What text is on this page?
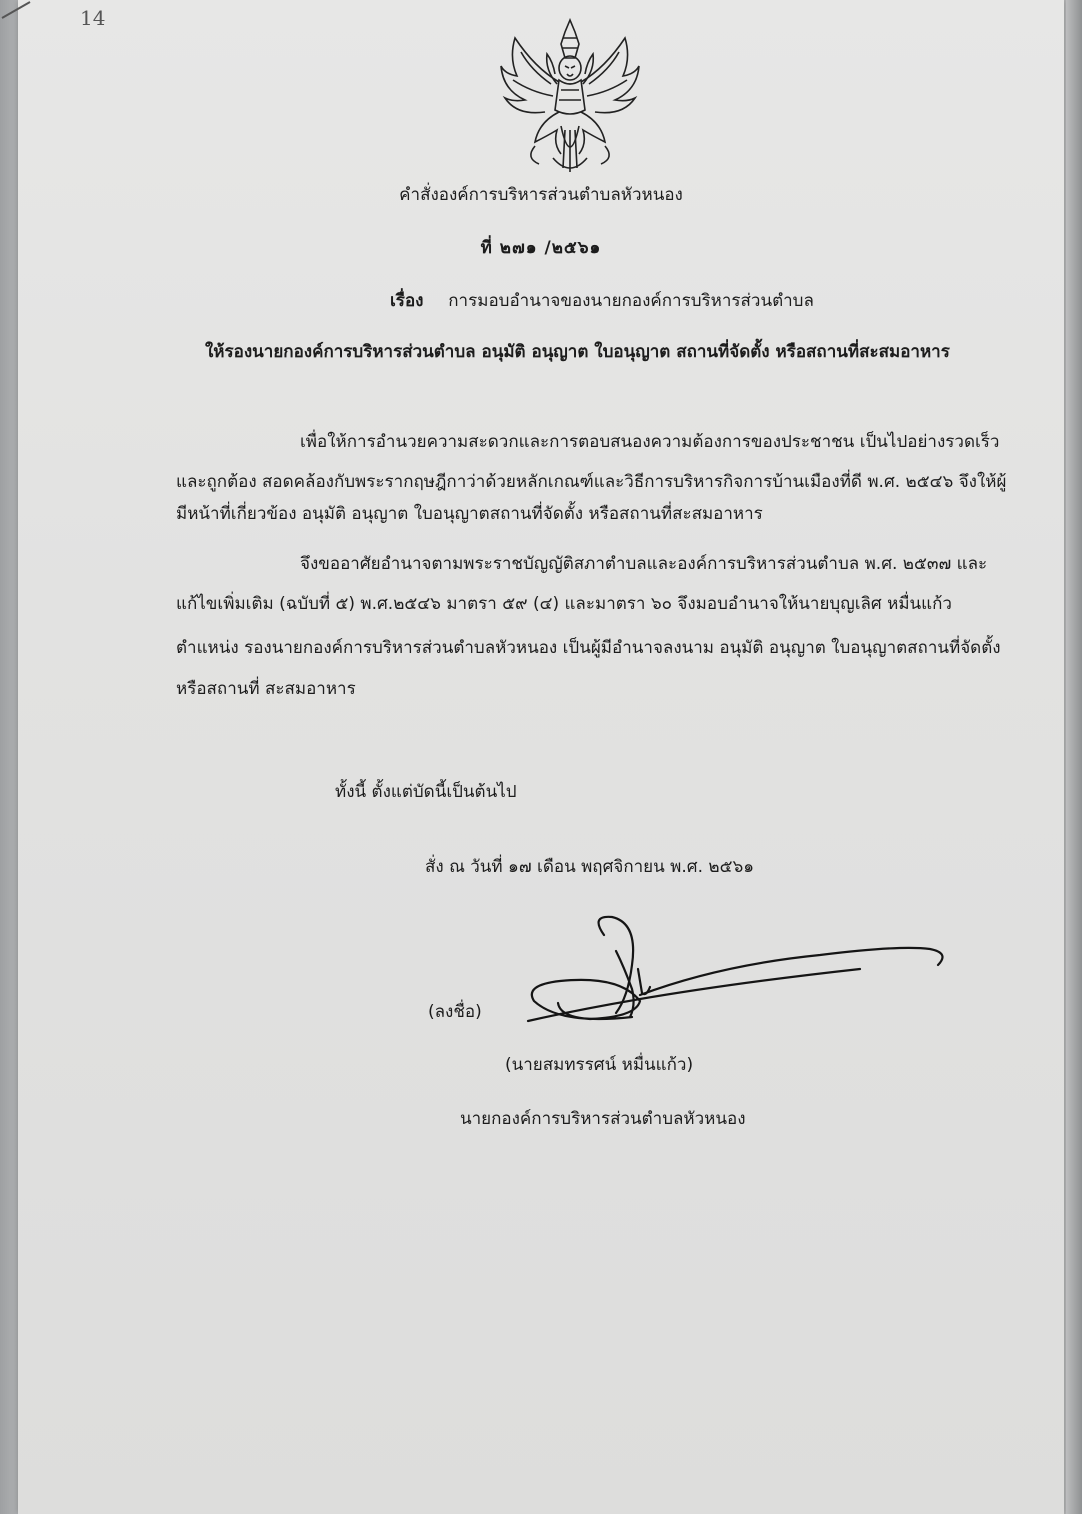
14
คำสั่งองค์การบริหารส่วนตำบลหัวหนอง
ที่ ๒๗๑ /๒๕๖๑
เรื่อง การมอบอำนาจของนายกองค์การบริหารส่วนตำบล
ให้รองนายกองค์การบริหารส่วนตำบล อนุมัติ อนุญาต ใบอนุญาต สถานที่จัดตั้ง หรือสถานที่สะสมอาหาร
เพื่อให้การอำนวยความสะดวกและการตอบสนองความต้องการของประชาชน เป็นไปอย่างรวดเร็ว
และถูกต้อง สอดคล้องกับพระรากฤษฎีกาว่าด้วยหลักเกณฑ์และวิธีการบริหารกิจการบ้านเมืองที่ดี พ.ศ. ๒๕๔๖ จึงให้ผู้
มีหน้าที่เกี่ยวข้อง อนุมัติ อนุญาต ใบอนุญาตสถานที่จัดตั้ง หรือสถานที่สะสมอาหาร
จึงขออาศัยอำนาจตามพระราชบัญญัติสภาตำบลและองค์การบริหารส่วนตำบล พ.ศ. ๒๕๓๗ และ
แก้ไขเพิ่มเติม (ฉบับที่ ๕) พ.ศ.๒๕๔๖ มาตรา ๕๙ (๔) และมาตรา ๖๐ จึงมอบอำนาจให้นายบุญเลิศ หมื่นแก้ว
ตำแหน่ง รองนายกองค์การบริหารส่วนตำบลหัวหนอง เป็นผู้มีอำนาจลงนาม อนุมัติ อนุญาต ใบอนุญาตสถานที่จัดตั้ง
หรือสถานที่ สะสมอาหาร
ทั้งนี้ ตั้งแต่บัดนี้เป็นต้นไป
สั่ง ณ วันที่ ๑๗ เดือน พฤศจิกายน พ.ศ. ๒๕๖๑
(ลงชื่อ)
(นายสมทรรศน์ หมื่นแก้ว)
นายกองค์การบริหารส่วนตำบลหัวหนอง
